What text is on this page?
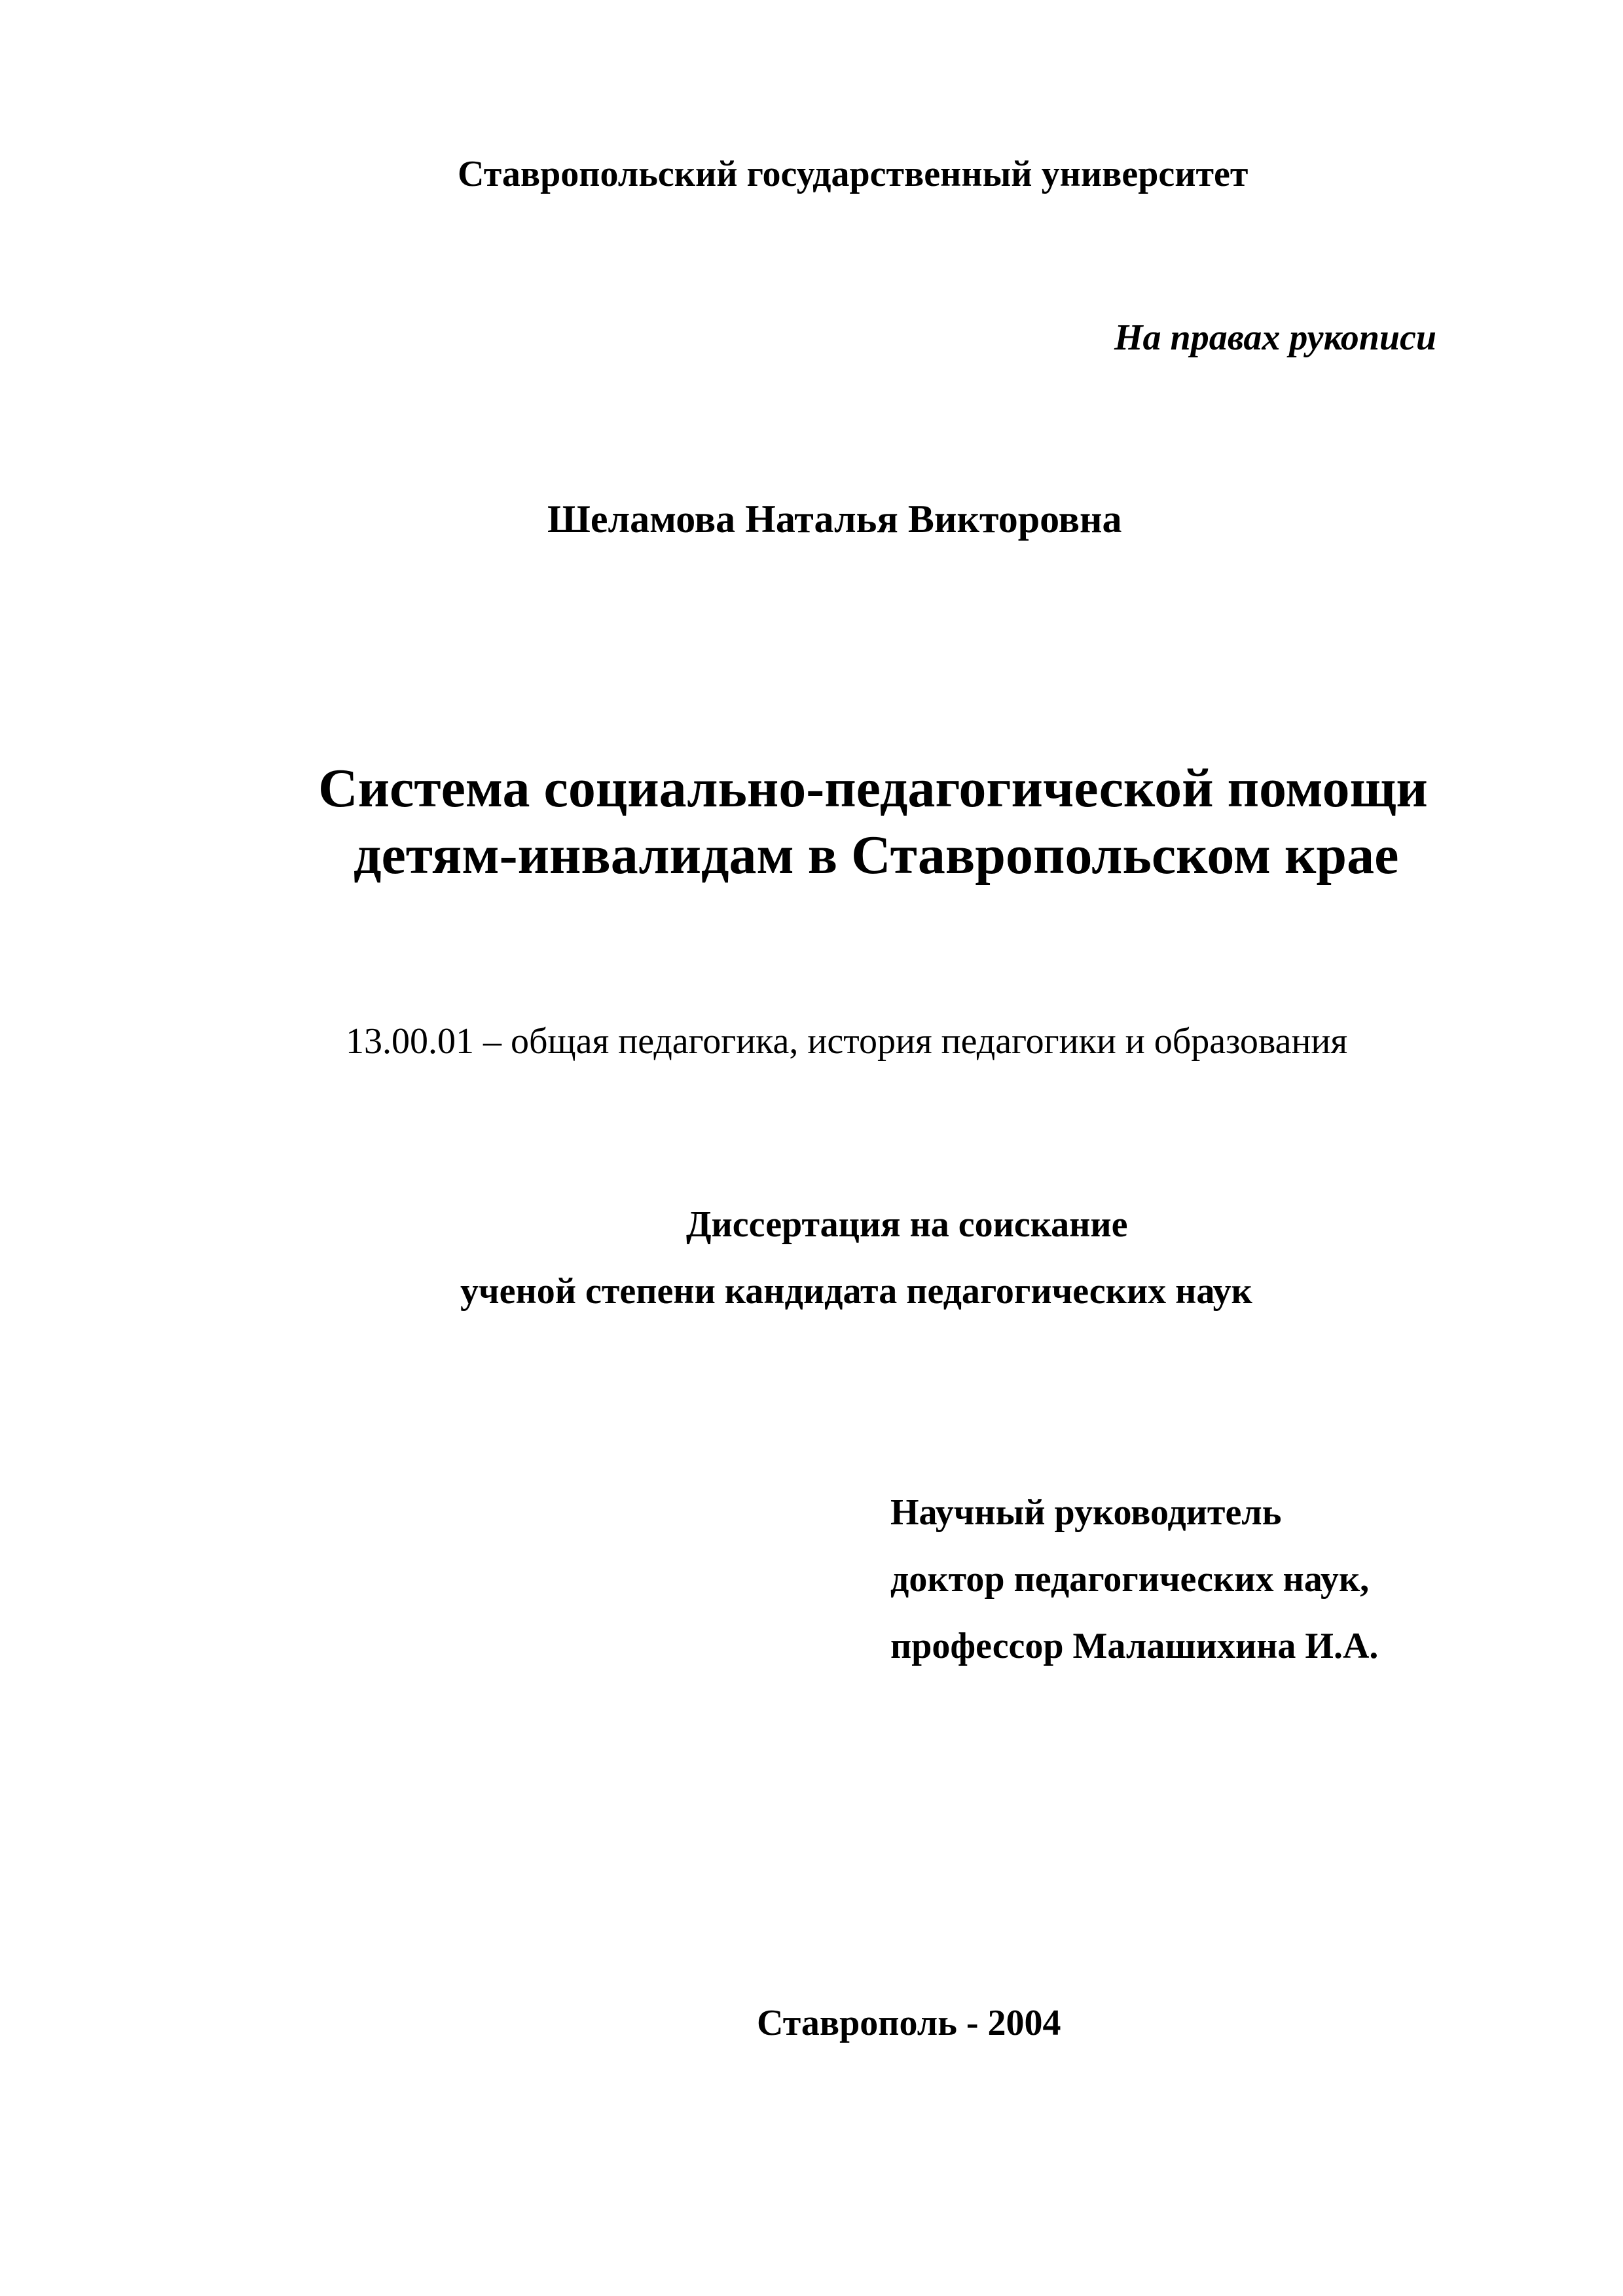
Ставропольский государственный университет
На правах рукописи
Шеламова Наталья Викторовна
Система социально-педагогической помощи
детям-инвалидам в Ставропольском крае
13.00.01 – общая педагогика, история педагогики и образования
Диссертация на соискание
ученой степени кандидата педагогических наук
Научный руководитель
доктор педагогических наук,
профессор Малашихина И.А.
Ставрополь - 2004
